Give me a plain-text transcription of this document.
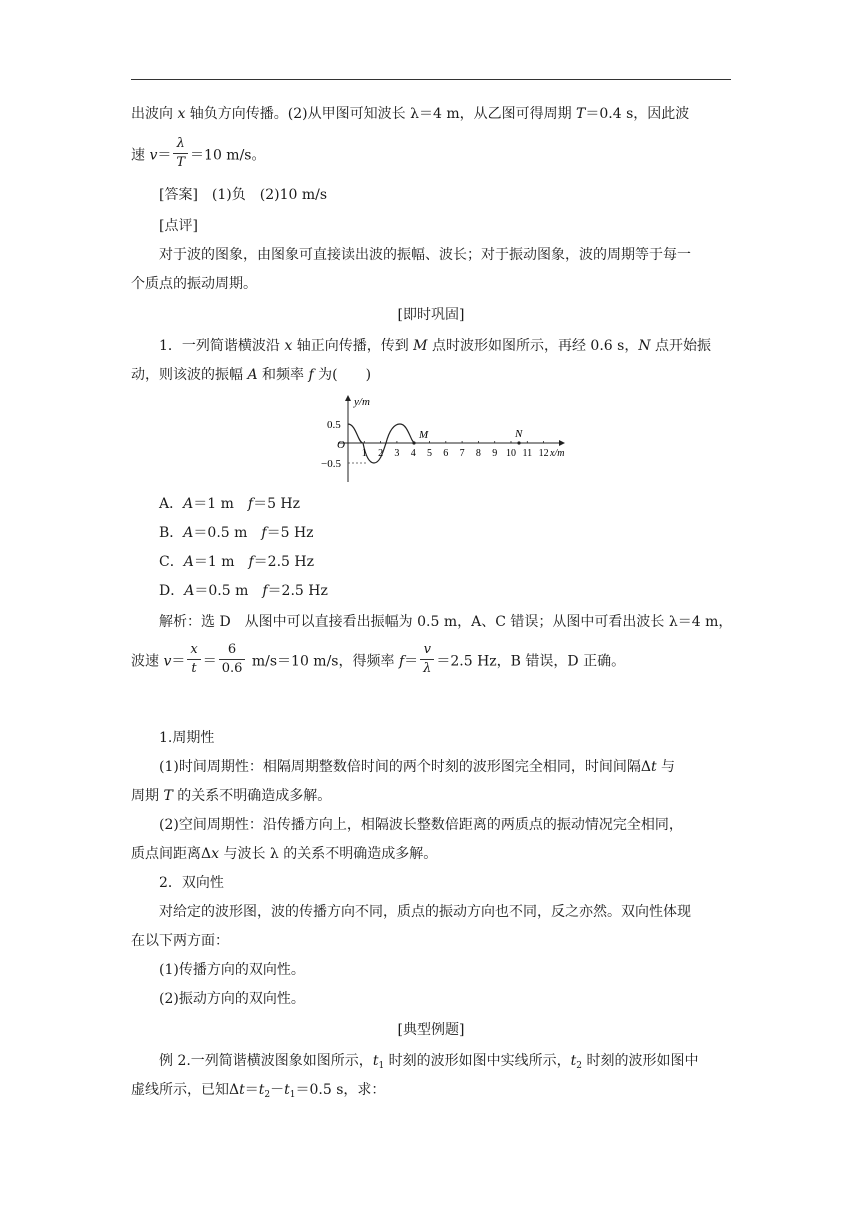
出波向 x 轴负方向传播。(2)从甲图可知波长 λ＝4 m，从乙图可得周期 T＝0.4 s，因此波
速 $v= \frac{\lambda}{T} =10$ m/s。
[答案]　(1)负　(2)10 m/s
[点评]
对于波的图象，由图象可直接读出波的振幅、波长；对于振动图象，波的周期等于每一
个质点的振动周期。
[即时巩固]
1．一列简谐横波沿 x 轴正向传播，传到 M 点时波形如图所示，再经 0.6 s，N 点开始振
动，则该波的振幅 A 和频率 f 为(　　)
y/m
x/m
O
0.5
−0.5
1 2 3 4 5 6 7 8 9 10 11 12
M	N
A．A＝1 m　f＝5 Hz
B．A＝0.5 m　f＝5 Hz
C．A＝1 m　f＝2.5 Hz
D．A＝0.5 m　f＝2.5 Hz
解析：选 D　从图中可以直接看出振幅为 0.5 m，A、C 错误；从图中可看出波长 λ＝4 m，
波速 $v= \frac{x}{t} = \frac{6}{0.6} m/s=10$ m/s，得频率 $f= \frac{v}{\lambda} =2.5$ Hz，B 错误，D 正确。
1.周期性
(1)时间周期性：相隔周期整数倍时间的两个时刻的波形图完全相同，时间间隔Δt 与
周期 T 的关系不明确造成多解。
(2)空间周期性：沿传播方向上，相隔波长整数倍距离的两质点的振动情况完全相同，
质点间距离Δx 与波长 λ 的关系不明确造成多解。
2．双向性
对给定的波形图，波的传播方向不同，质点的振动方向也不同，反之亦然。双向性体现
在以下两方面：
(1)传播方向的双向性。
(2)振动方向的双向性。
[典型例题]
例 2.一列简谐横波图象如图所示，$t_1$ 时刻的波形如图中实线所示，$t_2$ 时刻的波形如图中
虚线所示，已知$\Delta t=t_2-t_1=0.5$ s，求：
